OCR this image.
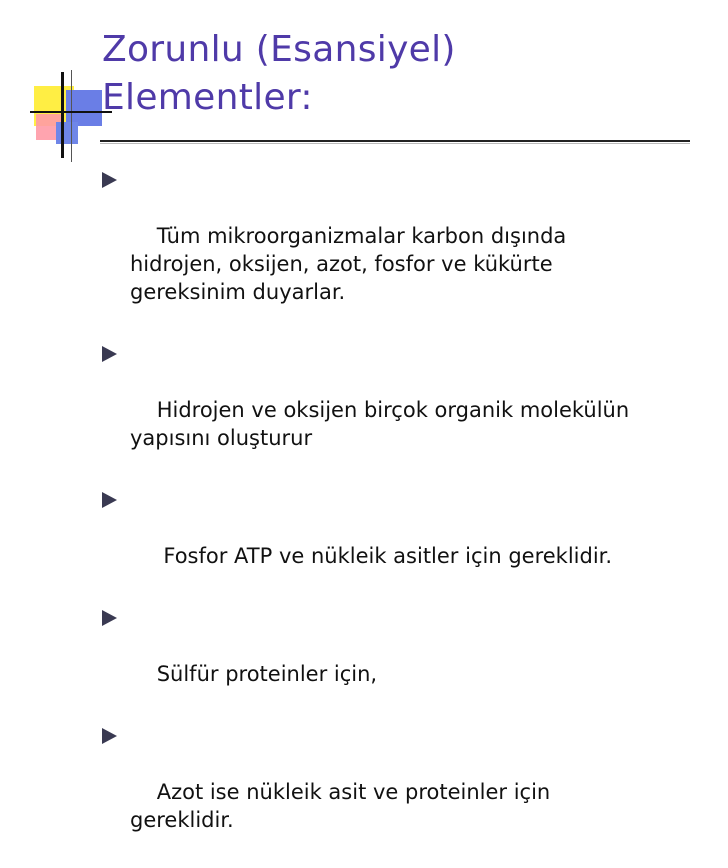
Zorunlu (Esansiyel)
Elementler:

Tüm mikroorganizmalar karbon dışında
hidrojen, oksijen, azot, fosfor ve kükürte
gereksinim duyarlar.

Hidrojen ve oksijen birçok organik molekülün
yapısını oluşturur

Fosfor ATP ve nükleik asitler için gereklidir.

Sülfür proteinler için,

Azot ise nükleik asit ve proteinler için
gereklidir.
